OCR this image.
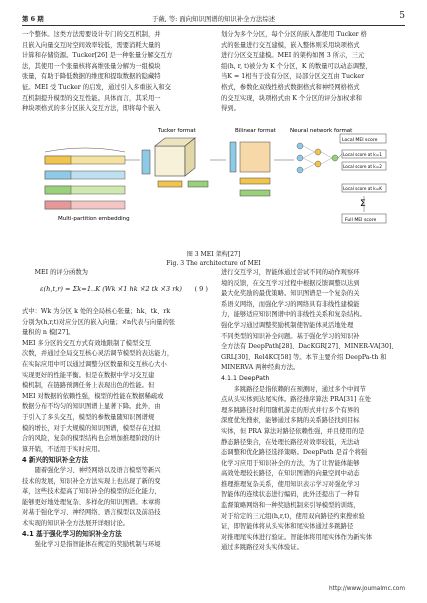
第 6 期	于薇, 等: 面向知识图谱的知识补全方法综述	5
一个整体。这类方法需要设计专门的交互机制，并
且嵌入向量交互时空间效率较低，需要消耗大量的
计算和存储资源。Tucker[26] 是一种张量分解交互方
法，其使用一个张量核将高维张量分解为一组模块
张量，有助于降低数据的维度和提取数据的隐藏特
征。MEI 受 Tucker 的启发，通过引入多重嵌入和交
互机制提升模型的交互性能。具体而言，其采用一
种块项格式的多分区嵌入交互方法，即将每个嵌入
划分为多个分区，每个分区的嵌入都使用 Tucker 格
式的张量进行交互建模，嵌入整体则采用块项格式
进行分区交互建模。MEI 的架构如图 3 所示，三元
组(h, r, t)被分为 K 个分区，K 的数量可以动态调整，
当K = 1相当于没有分区，局部分区交互由 Tucker
格式，参数化双线性格式数据格式和神经网格格式
的交互实现，块项格式由 K 个分区的评分加权求和
得到。
Tucker format	Bilinear format	Neural network format
Multi-partition embedding
Local MEI score
Local score at k=1
Local score at k=2
Local score at k=K
Σ
Full MEI score
图 3 MEI 架构[27]
Fig. 3 The architecture of MEI

MEI 的评分函数为

ε(h,t,r) = Σk=1..K (Wk ×̄1 hk ×̄2 tk ×̄3 rk) ( 9 )
式中：Wk 为分区 k 处的全局核心张量；hk、tk、rk
分别为(h,r,t)对应分区的嵌入向量；×̄n代表与向量的张
量积的 n 模[27]。
MEI 多分区的交互方式有效地限制了模型交互
次数，并通过全局交互核心灵活调节模型的表达能力，
在实际应用中可以通过调整分区数量和交互核心大小
实现更好的性能平衡。但是在数据中学习交互建
模机制，在链路预测任务上表现出色的性能。但
MEI 对数据的依赖性强，模型的性能在数据稀疏或
数据分布不均匀的知识图谱上显著下降。此外，由
于引入了多头交互，模型的参数量随知识图谱规
模的增长，对于大规模的知识图谱，模型存在过拟
合的风险，复杂的模型结构也会增加推理阶段的计
算开销，不适用于实时应用。
4 新兴的知识补全方法
随着强化学习、神经网络以及语言模型等新兴
技术的发展，知识补全方法实现上也出现了新的变
革，这些技术提高了知识补全的模型的泛化能力，
能够更好地处理复杂、多样化的知识图谱。本章将
对基于强化学习、神经网络、语言模型以及前沿技
术实现的知识补全方法展开详细讨论。
4.1 基于强化学习的知识补全方法
强化学习是指智能体在规定的奖励机制与环境
进行交互学习，智能体通过尝试不同的动作观察环
境的反馈，在交互学习过程中根据反馈调整以达到
最大化奖励的最优策略。知识图谱是一个复杂的关
系语义网络，而强化学习的网络具有非线性建模能
力，能够适应知识图谱中的非线性关系和复杂结构。
强化学习通过调整奖励机制使智能体灵活地处理
不同类型的知识补全问题。基于强化学习的知识补
全方法有 DeepPath[28]、DacKGR[27]、MINER-VA[30]、
GRL[30]、Rel4KC[58] 等。本节主要介绍 DeepPa-th 和
MINERVA 两种经典方法。
4.1.1 DeepPath
多跳路径是指依赖附在预测时，通过多个中间节
点从头实体到达尾实体。路径排序算法 PRA[31] 在处
理多跳路径时利用随机游走的形式并行多个有界的
深度优先搜索，能够通过多跳的关系路径找到目标
实体，但 PRA 算法对路径依赖性强，并且使用的是
静态路径集合，在处理长路径对效率较低，无法动
态调整和优化路径选择策略。DeepPath 是首个将强
化学习应用于知识补全的方法，为了让智能体能够
高效处理较长路径，在知识图谱的向量空间中动态
推理推理复杂关系，使用知识表示学习对强化学习
智能体的连续状态进行编码，此外还提出了一种有
监督策略网络和一种奖励机制来引导模型的训练，
对于给定的三元组(h,r,t)，使用双向路径约束搜索验
证，即智能体将从头实体和尾实体通过多跳路径
对推理尾实体进行验证。智能体将用尾实体作为新实体
通过多跳路径对头实体验证。
http://www.joumalmc.com
